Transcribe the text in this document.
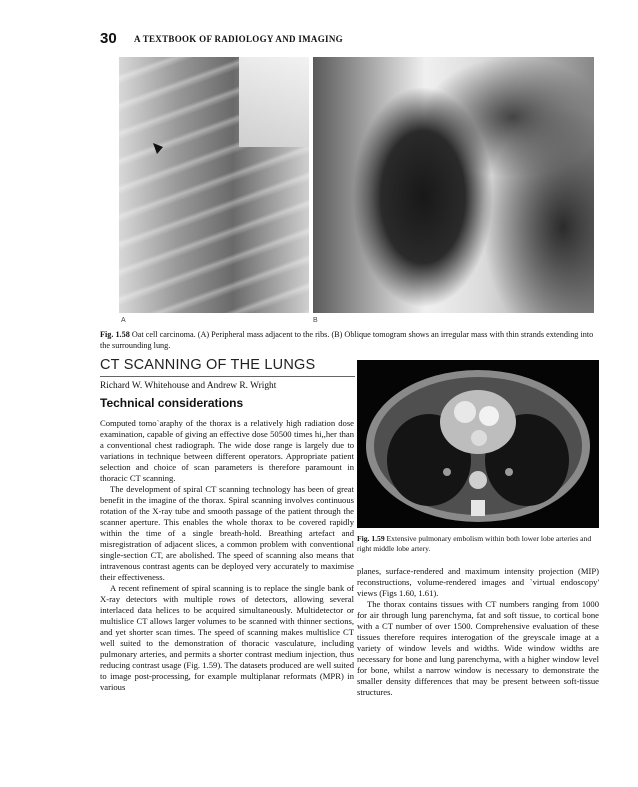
30 A TEXTBOOK OF RADIOLOGY AND IMAGING
A	B
Fig. 1.58 Oat cell carcinoma. (A) Peripheral mass adjacent to the ribs. (B) Oblique tomogram shows an irregular mass with thin strands extending into the surrounding lung.
CT SCANNING OF THE LUNGS
Richard W. Whitehouse and Andrew R. Wright
Technical considerations

Computed tomo`araphy of the thorax is a relatively high radiation dose examination, capable of giving an effective dose 50500 times hi,,her than a conventional chest radiograph. The wide dose range is largely due to variations in technique between different operators. Appropriate patient selection and choice of scan parameters is therefore paramount in thoracic CT scanning.

The development of spiral CT scanning technology has been of great benefit in the imagine of the thorax. Spiral scanning involves continuous rotation of the X-ray tube and smooth passage of the patient through the scanner aperture. This enables the whole thorax to be covered rapidly within the time of a single breath-hold. Breathing artefact and misregistration of adjacent slices, a common problem with conventional single-section CT, are abolished. The speed of scanning also means that intravenous contrast agents can be deployed very accurately to maximise their effectiveness.

A recent refinement of spiral scanning is to replace the single bank of X-ray detectors with multiple rows of detectors, allowing several interlaced data helices to be acquired simultaneously. Multidetector or multislice CT allows larger volumes to be scanned with thinner sections, and yet shorter scan times. The speed of scanning makes multislice CT well suited to the demonstration of thoracic vasculature, including pulmonary arteries, and permits a shorter contrast medium injection, thus reducing contrast usage (Fig. 1.59). The datasets produced are well suited to image post-processing, for example multiplanar reformats (MPR) in various

Fig. 1.59 Extensive pulmonary embolism within both lower lobe arteries and right middle lobe artery.

planes, surface-rendered and maximum intensity projection (MIP) reconstructions, volume-rendered images and `virtual endoscopy' views (Figs 1.60, 1.61).

The thorax contains tissues with CT numbers ranging from 1000 for air through lung parenchyma, fat and soft tissue, to cortical bone with a CT number of over 1500. Comprehensive evaluation of these tissues therefore requires interogation of the greyscale image at a variety of window levels and widths. Wide window widths are necessary for bone and lung parenchyma, with a higher window level for bone, whilst a narrow window is necessary to demonstrate the smaller density differences that may be present between soft-tissue structures.
